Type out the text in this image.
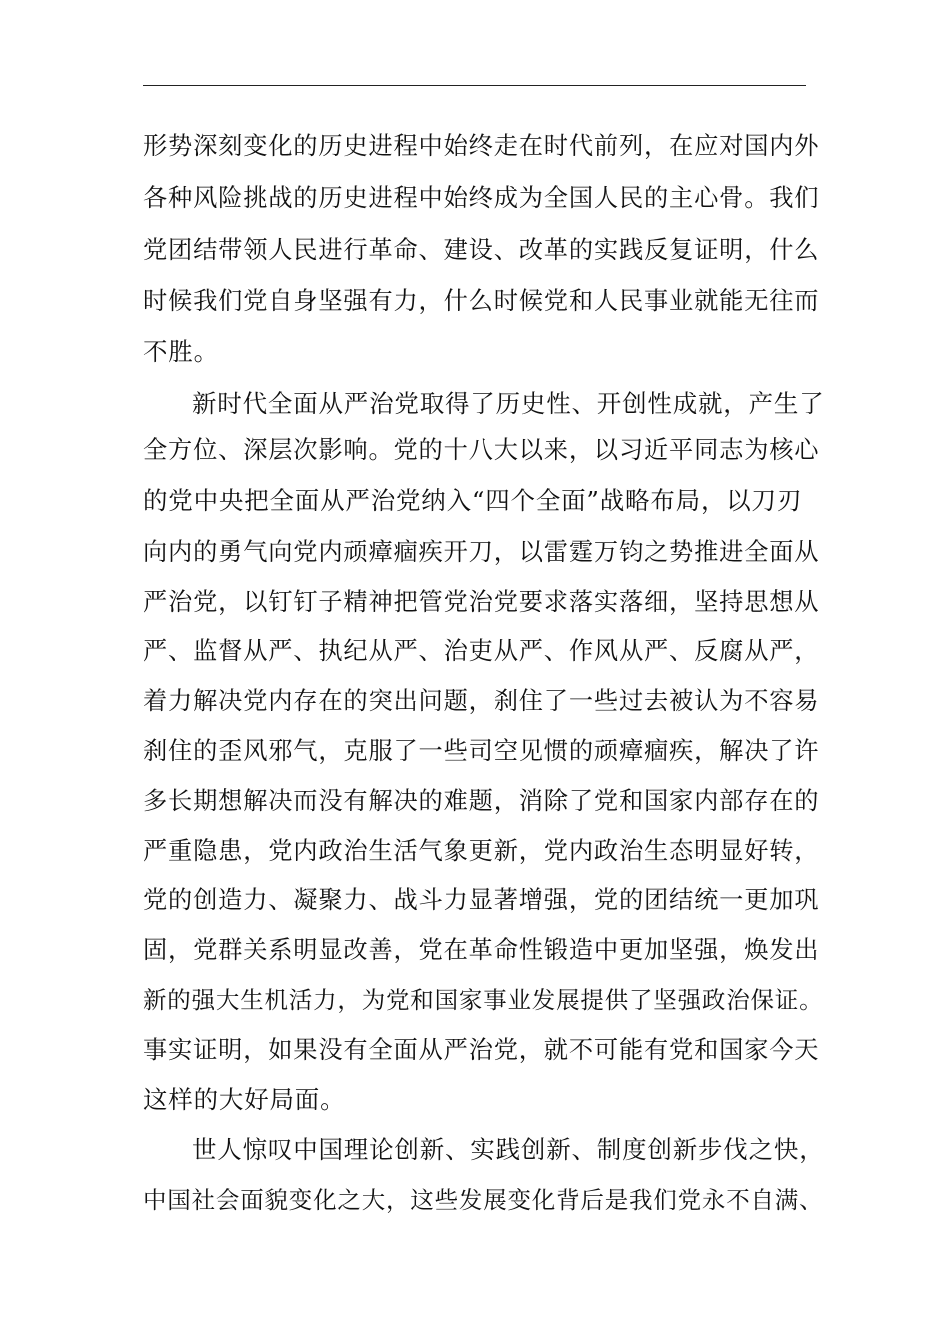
形势深刻变化的历史进程中始终走在时代前列，在应对国内外
各种风险挑战的历史进程中始终成为全国人民的主心骨。我们
党团结带领人民进行革命、建设、改革的实践反复证明，什么
时候我们党自身坚强有力，什么时候党和人民事业就能无往而
不胜。
新时代全面从严治党取得了历史性、开创性成就，产生了
全方位、深层次影响。党的十八大以来，以习近平同志为核心
的党中央把全面从严治党纳入“四个全面”战略布局，以刀刃
向内的勇气向党内顽瘴痼疾开刀，以雷霆万钧之势推进全面从
严治党，以钉钉子精神把管党治党要求落实落细，坚持思想从
严、监督从严、执纪从严、治吏从严、作风从严、反腐从严，
着力解决党内存在的突出问题，刹住了一些过去被认为不容易
刹住的歪风邪气，克服了一些司空见惯的顽瘴痼疾，解决了许
多长期想解决而没有解决的难题，消除了党和国家内部存在的
严重隐患，党内政治生活气象更新，党内政治生态明显好转，
党的创造力、凝聚力、战斗力显著增强，党的团结统一更加巩
固，党群关系明显改善，党在革命性锻造中更加坚强，焕发出
新的强大生机活力，为党和国家事业发展提供了坚强政治保证。
事实证明，如果没有全面从严治党，就不可能有党和国家今天
这样的大好局面。
世人惊叹中国理论创新、实践创新、制度创新步伐之快，
中国社会面貌变化之大，这些发展变化背后是我们党永不自满、
